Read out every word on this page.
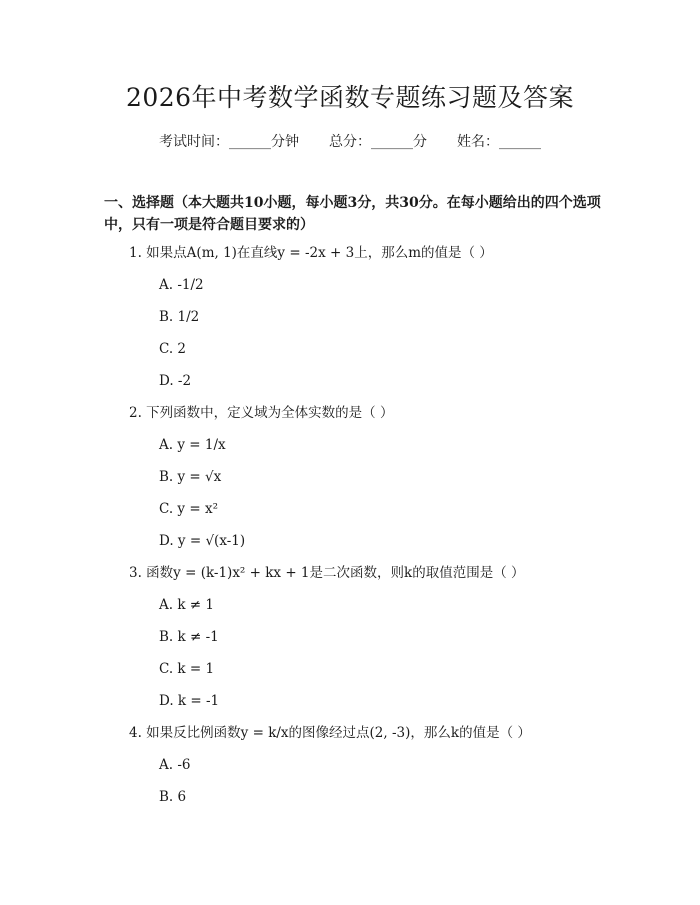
2026年中考数学函数专题练习题及答案
考试时间：______分钟 总分：______分 姓名：______

一、选择题（本大题共10小题，每小题3分，共30分。在每小题给出的四个选项中，只有一项是符合题目要求的）

1. 如果点A(m, 1)在直线y = -2x + 3上，那么m的值是（ ）
A. -1/2
B. 1/2
C. 2
D. -2
2. 下列函数中，定义域为全体实数的是（ ）
A. y = 1/x
B. y = √x
C. y = x²
D. y = √(x-1)
3. 函数y = (k-1)x² + kx + 1是二次函数，则k的取值范围是（ ）
A. k ≠ 1
B. k ≠ -1
C. k = 1
D. k = -1
4. 如果反比例函数y = k/x的图像经过点(2, -3)，那么k的值是（ ）
A. -6
B. 6
